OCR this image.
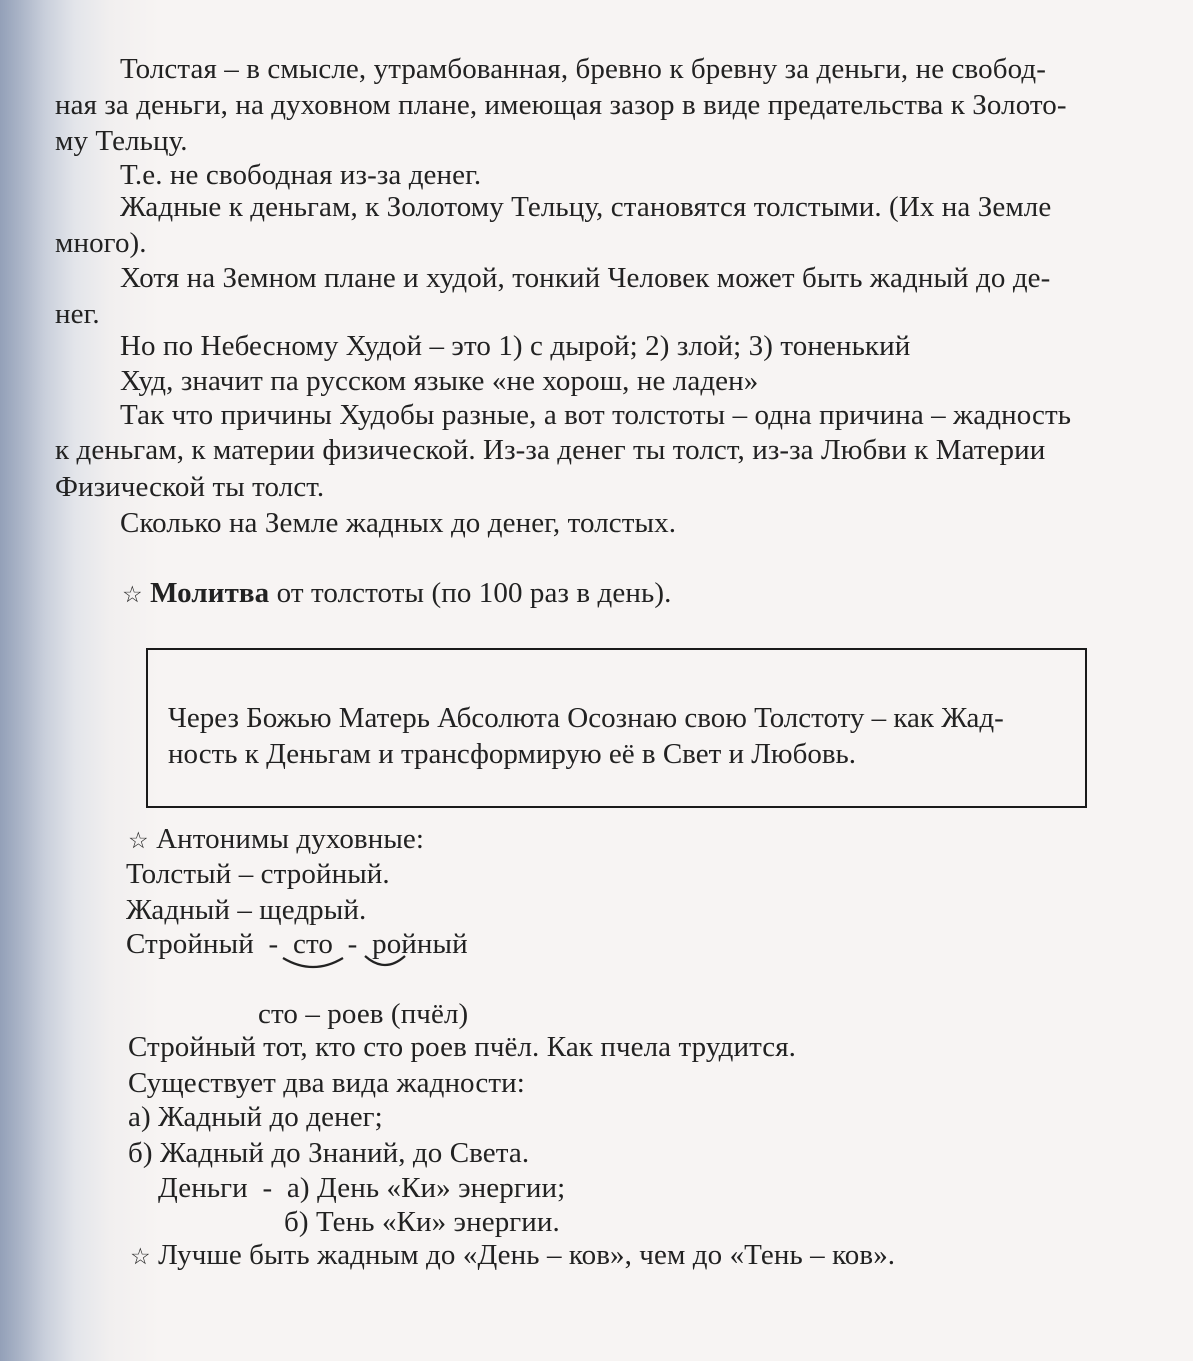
Толстая – в смысле, утрамбованная, бревно к бревну за деньги, не свобод-
ная за деньги, на духовном плане, имеющая зазор в виде предательства к Золото-
му Тельцу.
Т.е. не свободная из-за денег.
Жадные к деньгам, к Золотому Тельцу, становятся толстыми. (Их на Земле
много).
Хотя на Земном плане и худой, тонкий Человек может быть жадный до де-
нег.
Но по Небесному Худой – это 1) с дырой; 2) злой; 3) тоненький
Худ, значит па русском языке «не хорош, не ладен»
Так что причины Худобы разные, а вот толстоты – одна причина – жадность
к деньгам, к материи физической. Из-за денег ты толст, из-за Любви к Материи
Физической ты толст.
Сколько на Земле жадных до денег, толстых.
☆ Молитва от толстоты (по 100 раз в день).
Через Божью Матерь Абсолюта Осознаю свою Толстоту – как Жад-
ность к Деньгам и трансформирую её в Свет и Любовь.
☆ Антонимы духовные:
Толстый – стройный.
Жадный – щедрый.
Стройный  -  сто  -  ройный
сто – роев (пчёл)
Стройный тот, кто сто роев пчёл. Как пчела трудится.
Существует два вида жадности:
а) Жадный до денег;
б) Жадный до Знаний, до Света.
Деньги  -  а) День «Ки» энергии;
б) Тень «Ки» энергии.
☆ Лучше быть жадным до «День – ков», чем до «Тень – ков».
